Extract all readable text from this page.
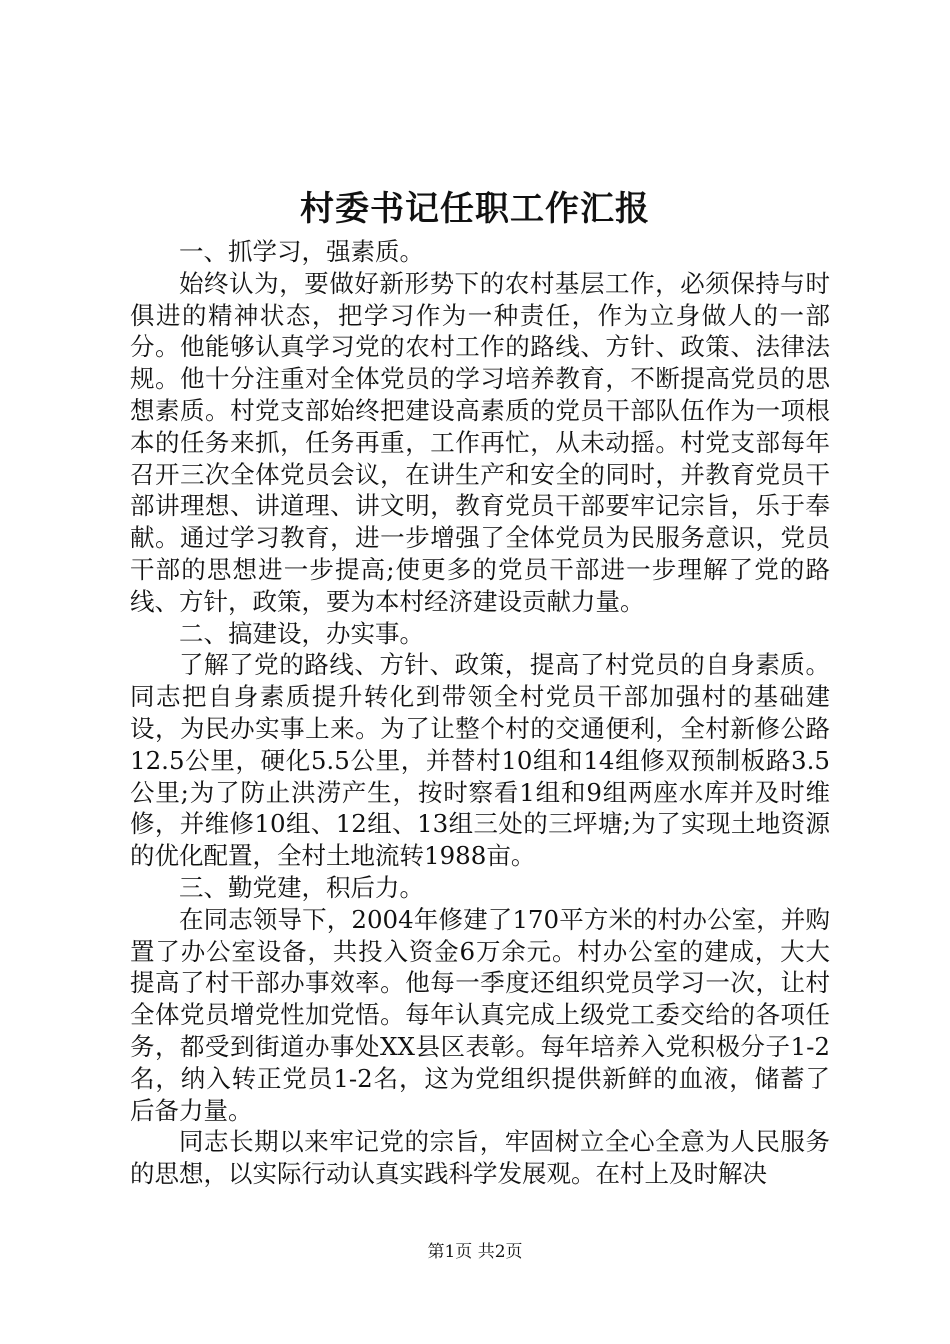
村委书记任职工作汇报

一、抓学习，强素质。

始终认为，要做好新形势下的农村基层工作，必须保持与时俱进的精神状态，把学习作为一种责任，作为立身做人的一部分。他能够认真学习党的农村工作的路线、方针、政策、法律法规。他十分注重对全体党员的学习培养教育，不断提高党员的思想素质。村党支部始终把建设高素质的党员干部队伍作为一项根本的任务来抓，任务再重，工作再忙，从未动摇。村党支部每年召开三次全体党员会议，在讲生产和安全的同时，并教育党员干部讲理想、讲道理、讲文明，教育党员干部要牢记宗旨，乐于奉献。通过学习教育，进一步增强了全体党员为民服务意识，党员干部的思想进一步提高;使更多的党员干部进一步理解了党的路线、方针，政策，要为本村经济建设贡献力量。

二、搞建设，办实事。

了解了党的路线、方针、政策，提高了村党员的自身素质。同志把自身素质提升转化到带领全村党员干部加强村的基础建设，为民办实事上来。为了让整个村的交通便利，全村新修公路12.5公里，硬化5.5公里，并替村10组和14组修双预制板路3.5公里;为了防止洪涝产生，按时察看1组和9组两座水库并及时维修，并维修10组、12组、13组三处的三坪塘;为了实现土地资源的优化配置，全村土地流转1988亩。

三、勤党建，积后力。

在同志领导下，2004年修建了170平方米的村办公室，并购置了办公室设备，共投入资金6万余元。村办公室的建成，大大提高了村干部办事效率。他每一季度还组织党员学习一次，让村全体党员增党性加党悟。每年认真完成上级党工委交给的各项任务，都受到街道办事处XX县区表彰。每年培养入党积极分子1-2名，纳入转正党员1-2名，这为党组织提供新鲜的血液，储蓄了后备力量。

同志长期以来牢记党的宗旨，牢固树立全心全意为人民服务的思想，以实际行动认真实践科学发展观。在村上及时解决

第1页 共2页
